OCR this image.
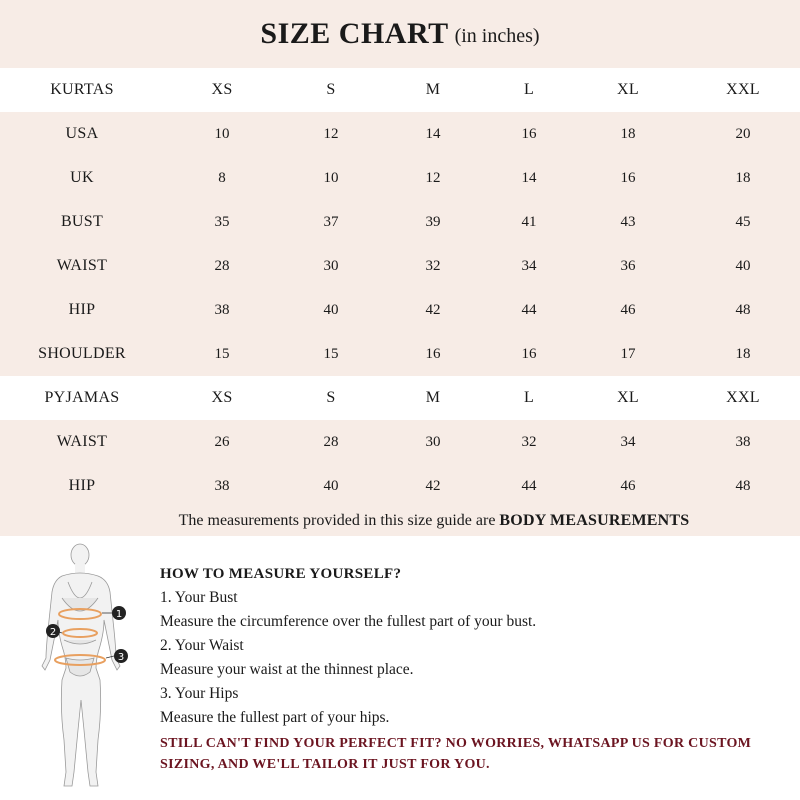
SIZE CHART (in inches)
KURTAS	XS	S	M	L	XL	XXL
USA	10	12	14	16	18	20
UK	8	10	12	14	16	18
BUST	35	37	39	41	43	45
WAIST	28	30	32	34	36	40
HIP	38	40	42	44	46	48
SHOULDER	15	15	16	16	17	18
PYJAMAS	XS	S	M	L	XL	XXL
WAIST	26	28	30	32	34	38
HIP	38	40	42	44	46	48
The measurements provided in this size guide are BODY MEASUREMENTS
1
2
3
HOW TO MEASURE YOURSELF?
1. Your Bust
Measure the circumference over the fullest part of your bust.
2. Your Waist
Measure your waist at the thinnest place.
3. Your Hips
Measure the fullest part of your hips.
STILL CAN'T FIND YOUR PERFECT FIT? NO WORRIES, WHATSAPP US FOR CUSTOM
SIZING, AND WE'LL TAILOR IT JUST FOR YOU.
